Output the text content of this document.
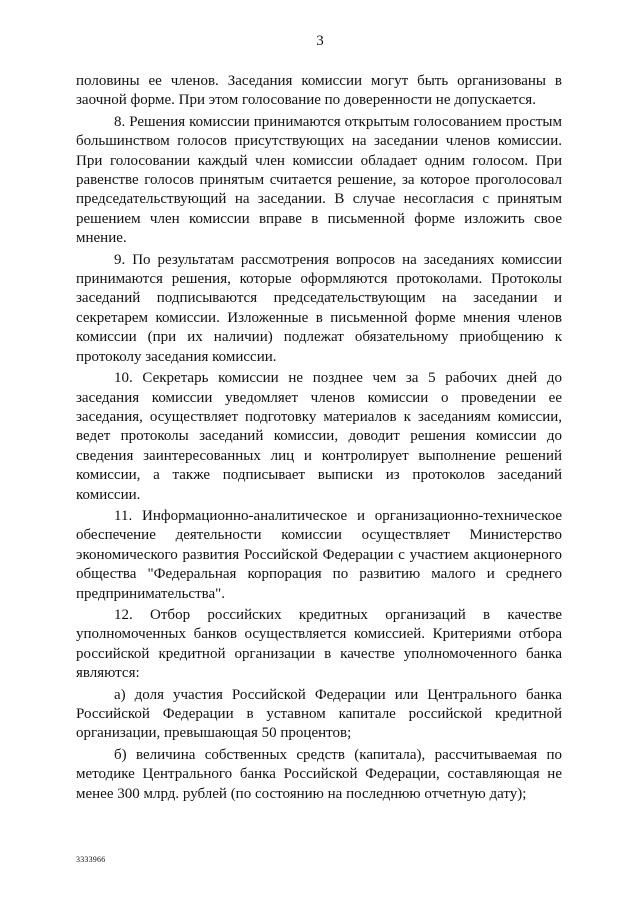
3

половины ее членов. Заседания комиссии могут быть организованы в заочной форме. При этом голосование по доверенности не допускается.

8. Решения комиссии принимаются открытым голосованием простым большинством голосов присутствующих на заседании членов комиссии. При голосовании каждый член комиссии обладает одним голосом. При равенстве голосов принятым считается решение, за которое проголосовал председательствующий на заседании. В случае несогласия с принятым решением член комиссии вправе в письменной форме изложить свое мнение.

9. По результатам рассмотрения вопросов на заседаниях комиссии принимаются решения, которые оформляются протоколами. Протоколы заседаний подписываются председательствующим на заседании и секретарем комиссии. Изложенные в письменной форме мнения членов комиссии (при их наличии) подлежат обязательному приобщению к протоколу заседания комиссии.

10. Секретарь комиссии не позднее чем за 5 рабочих дней до заседания комиссии уведомляет членов комиссии о проведении ее заседания, осуществляет подготовку материалов к заседаниям комиссии, ведет протоколы заседаний комиссии, доводит решения комиссии до сведения заинтересованных лиц и контролирует выполнение решений комиссии, а также подписывает выписки из протоколов заседаний комиссии.

11. Информационно-аналитическое и организационно-техническое обеспечение деятельности комиссии осуществляет Министерство экономического развития Российской Федерации с участием акционерного общества "Федеральная корпорация по развитию малого и среднего предпринимательства".

12. Отбор российских кредитных организаций в качестве уполномоченных банков осуществляется комиссией. Критериями отбора российской кредитной организации в качестве уполномоченного банка являются:

а) доля участия Российской Федерации или Центрального банка Российской Федерации в уставном капитале российской кредитной организации, превышающая 50 процентов;

б) величина собственных средств (капитала), рассчитываемая по методике Центрального банка Российской Федерации, составляющая не менее 300 млрд. рублей (по состоянию на последнюю отчетную дату);

3333966
